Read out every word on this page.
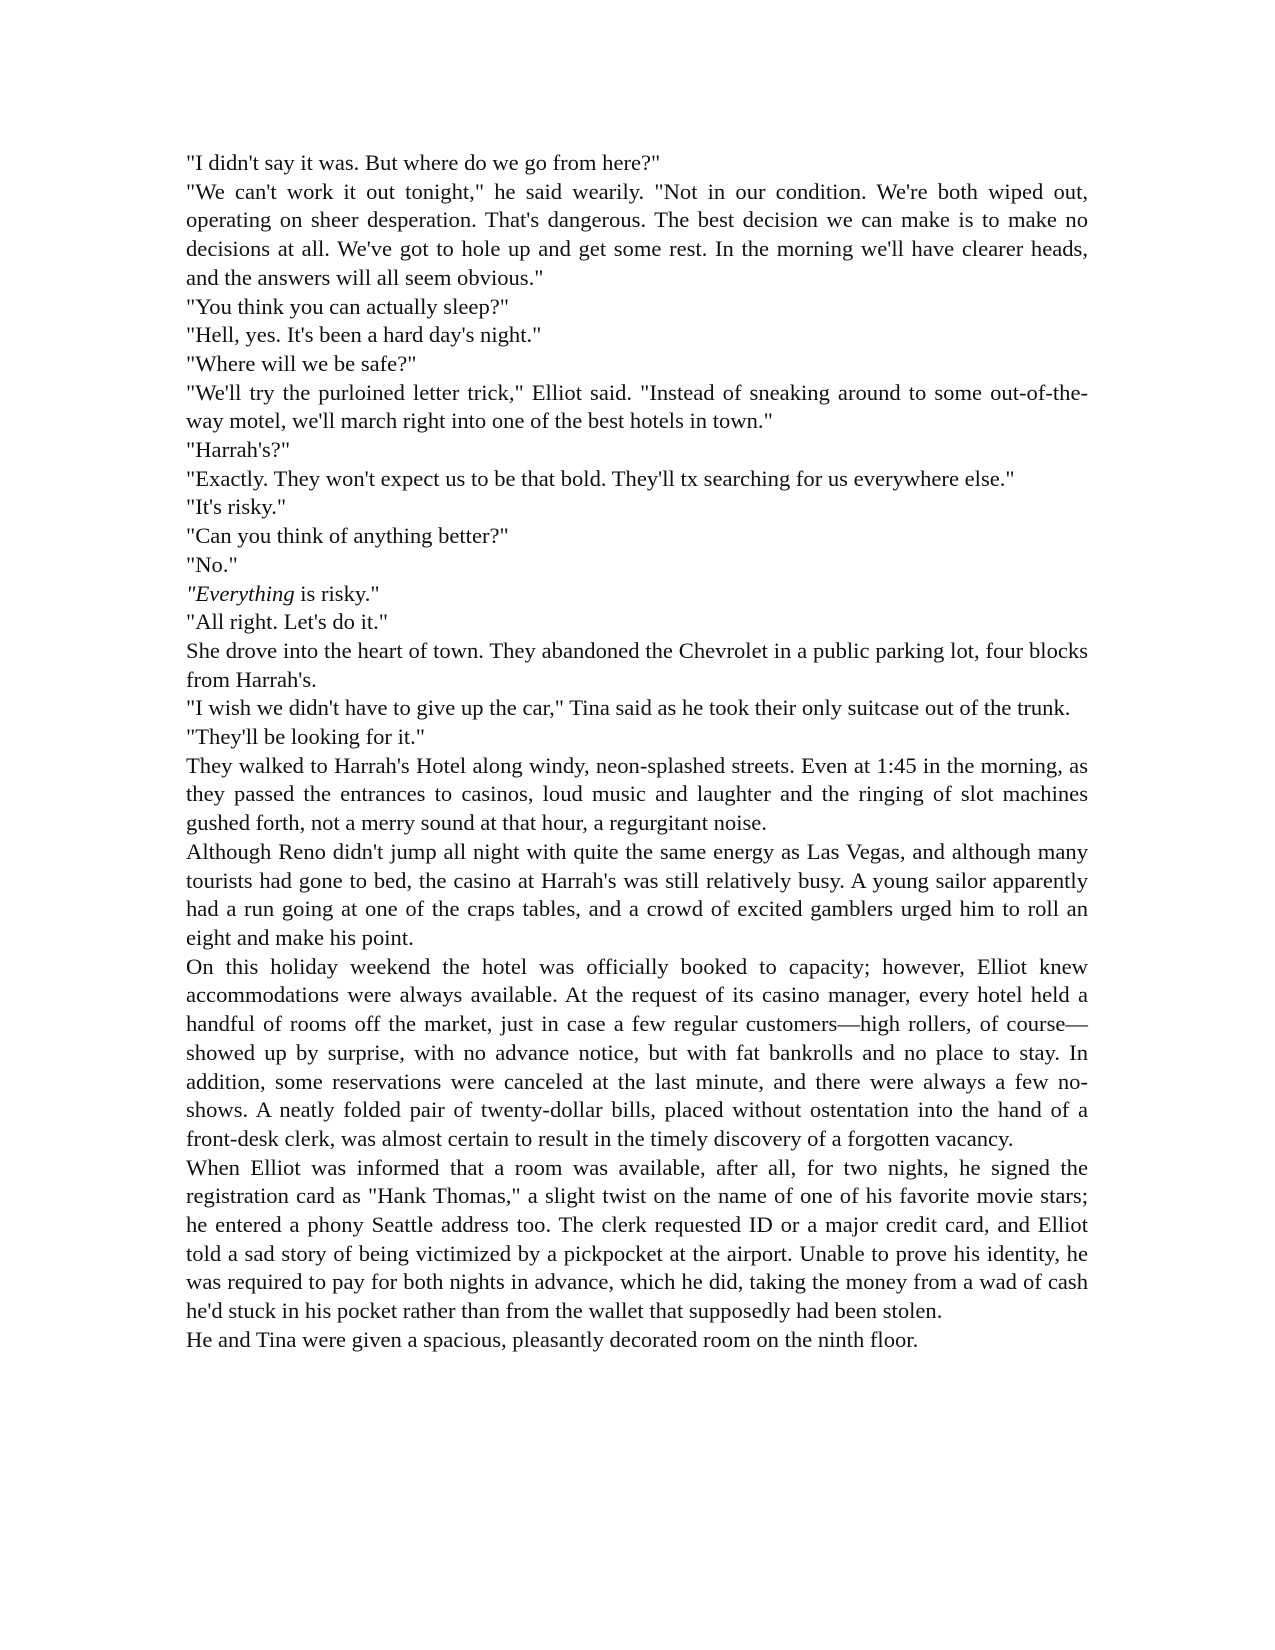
"I didn't say it was. But where do we go from here?"

"We can't work it out tonight," he said wearily. "Not in our condition. We're both wiped out, operating on sheer desperation. That's dangerous. The best decision we can make is to make no decisions at all. We've got to hole up and get some rest. In the morning we'll have clearer heads, and the answers will all seem obvious."

"You think you can actually sleep?"

"Hell, yes. It's been a hard day's night."

"Where will we be safe?"

"We'll try the purloined letter trick," Elliot said. "Instead of sneaking around to some out-of-the-way motel, we'll march right into one of the best hotels in town."

"Harrah's?"

"Exactly. They won't expect us to be that bold. They'll tx searching for us everywhere else."

"It's risky."

"Can you think of anything better?"

"No."

"Everything is risky."

"All right. Let's do it."

She drove into the heart of town. They abandoned the Chevrolet in a public parking lot, four blocks from Harrah's.

"I wish we didn't have to give up the car," Tina said as he took their only suitcase out of the trunk.

"They'll be looking for it."

They walked to Harrah's Hotel along windy, neon-splashed streets. Even at 1:45 in the morning, as they passed the entrances to casinos, loud music and laughter and the ringing of slot machines gushed forth, not a merry sound at that hour, a regurgitant noise.

Although Reno didn't jump all night with quite the same energy as Las Vegas, and although many tourists had gone to bed, the casino at Harrah's was still relatively busy. A young sailor apparently had a run going at one of the craps tables, and a crowd of excited gamblers urged him to roll an eight and make his point.

On this holiday weekend the hotel was officially booked to capacity; however, Elliot knew accommodations were always available. At the request of its casino manager, every hotel held a handful of rooms off the market, just in case a few regular customers—high rollers, of course—showed up by surprise, with no advance notice, but with fat bankrolls and no place to stay. In addition, some reservations were canceled at the last minute, and there were always a few no-shows. A neatly folded pair of twenty-dollar bills, placed without ostentation into the hand of a front-desk clerk, was almost certain to result in the timely discovery of a forgotten vacancy.

When Elliot was informed that a room was available, after all, for two nights, he signed the registration card as "Hank Thomas," a slight twist on the name of one of his favorite movie stars; he entered a phony Seattle address too. The clerk requested ID or a major credit card, and Elliot told a sad story of being victimized by a pickpocket at the airport. Unable to prove his identity, he was required to pay for both nights in advance, which he did, taking the money from a wad of cash he'd stuck in his pocket rather than from the wallet that supposedly had been stolen.

He and Tina were given a spacious, pleasantly decorated room on the ninth floor.
